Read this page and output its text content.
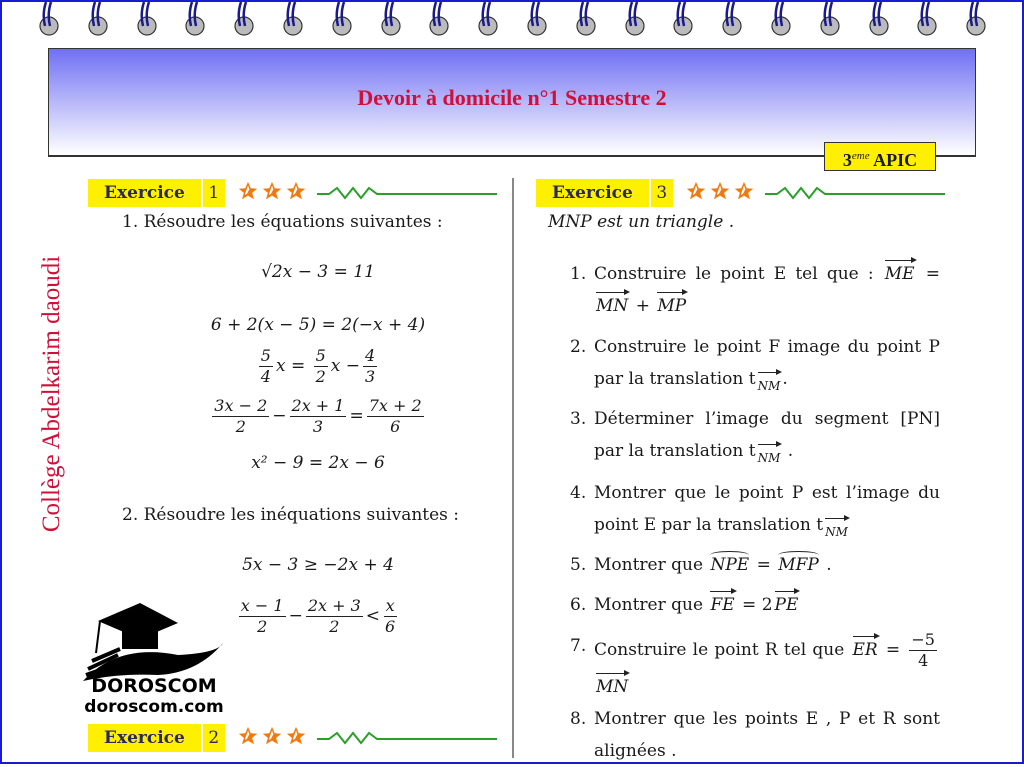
Devoir à domicile n°1 Semestre 2
3eme APIC
Collège Abdelkarim daoudi
Exercice	1
Exercice	2
Exercice	3
1. Résoudre les équations suivantes :
√2x − 3 = 11
6 + 2(x − 5) = 2(−x + 4)
$\frac{5}{4}$ $x = \frac{5}{2}$ $x - \frac{4}{3}$
$\frac{3x - 2}{2} - \frac{2x + 1}{3} = \frac{7x + 2}{6}$
x² − 9 = 2x − 6
2. Résoudre les inéquations suivantes :
5x − 3 ≥ −2x + 4
$\frac{x - 1}{2} - \frac{2x + 3}{2} < \frac{x}{6}$
DOROSCOM
doroscom.com
MNP est un triangle .
1. Construire le point E tel que : ME = MN + MP
2. Construire le point F image du point P par la translation t $_{NM}$ .
3. Déterminer l’image du segment [PN] par la translation t $_{NM}$ .
4. Montrer que le point P est l’image du point E par la translation t $_{NM}$
5. Montrer que NPE = MFP .
6. Montrer que FE = 2 PE
7. Construire le point R tel que ER = $\frac{-5}{4}$
MN
8. Montrer que les points E , P et R sont alignées .
